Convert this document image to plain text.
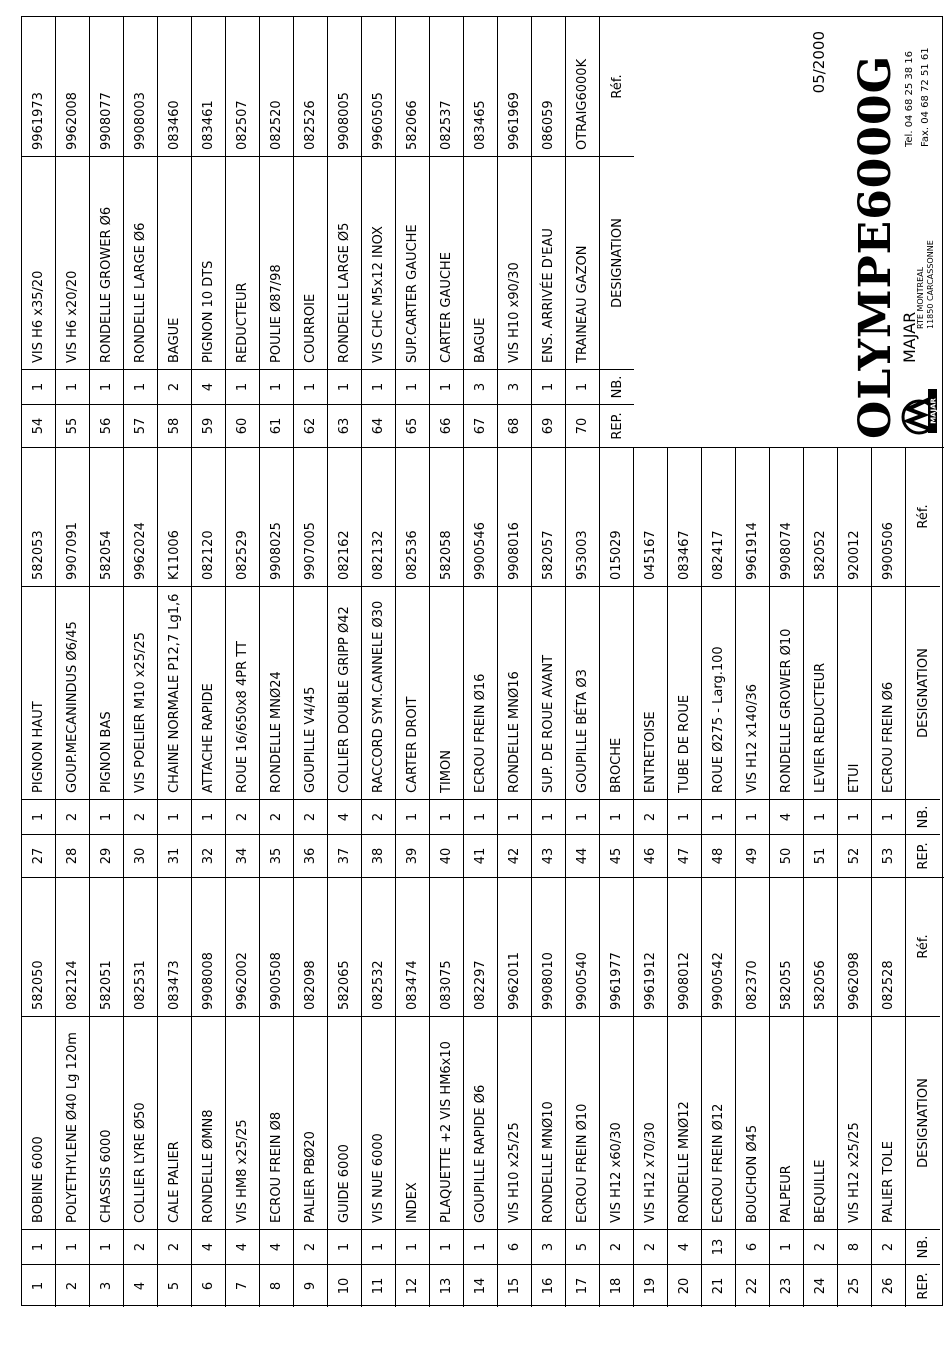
1
1
BOBINE 6000
582050
2
1
POLYETHYLENE Ø40 Lg 120m
082124
3
1
CHASSIS 6000
582051
4
2
COLLIER LYRE Ø50
082531
5
2
CALE PALIER
083473
6
4
RONDELLE ØMN8
9908008
7
4
VIS HM8 x25/25
9962002
8
4
ECROU FREIN Ø8
9900508
9
2
PALIER PBØ20
082098
10
1
GUIDE 6000
582065
11
1
VIS NUE 6000
082532
12
1
INDEX
083474
13
1
PLAQUETTE +2 VIS HM6x10
083075
14
1
GOUPILLE RAPIDE Ø6
082297
15
6
VIS H10 x25/25
9962011
16
3
RONDELLE MNØ10
9908010
17
5
ECROU FREIN Ø10
9900540
18
2
VIS H12 x60/30
9961977
19
2
VIS H12 x70/30
9961912
20
4
RONDELLE MNØ12
9908012
21
13
ECROU FREIN Ø12
9900542
22
6
BOUCHON Ø45
082370
23
1
PALPEUR
582055
24
2
BEQUILLE
582056
25
8
VIS H12 x25/25
9962098
26
2
PALIER TOLE
082528
REP.
NB.
DESIGNATION
Réf.
27
1
PIGNON HAUT
582053
28
2
GOUP.MECANINDUS Ø6/45
9907091
29
1
PIGNON BAS
582054
30
2
VIS POELIER M10 x25/25
9962024
31
1
CHAINE NORMALE P12,7 Lg1,6
K11006
32
1
ATTACHE RAPIDE
082120
34
2
ROUE 16/650x8 4PR TT
082529
35
2
RONDELLE MNØ24
9908025
36
2
GOUPILLE V4/45
9907005
37
4
COLLIER DOUBLE GRIPP Ø42
082162
38
2
RACCORD SYM.CANNELE Ø30
082132
39
1
CARTER DROIT
082536
40
1
TIMON
582058
41
1
ECROU FREIN Ø16
9900546
42
1
RONDELLE MNØ16
9908016
43
1
SUP. DE ROUE AVANT
582057
44
1
GOUPILLE BÉTA Ø3
953003
45
1
BROCHE
015029
46
2
ENTRETOISE
045167
47
1
TUBE DE ROUE
083467
48
1
ROUE Ø275 - Larg.100
082417
49
1
VIS H12 x140/36
9961914
50
4
RONDELLE GROWER Ø10
9908074
51
1
LEVIER REDUCTEUR
582052
52
1
ETUI
920012
53
1
ECROU FREIN Ø6
9900506
REP.
NB.
DESIGNATION
Réf.
54
1
VIS H6 x35/20
9961973
55
1
VIS H6 x20/20
9962008
56
1
RONDELLE GROWER Ø6
9908077
57
1
RONDELLE LARGE Ø6
9908003
58
2
BAGUE
083460
59
4
PIGNON 10 DTS
083461
60
1
REDUCTEUR
082507
61
1
POULIE Ø87/98
082520
62
1
COURROIE
082526
63
1
RONDELLE LARGE Ø5
9908005
64
1
VIS CHC M5x12 INOX
9960505
65
1
SUP.CARTER GAUCHE
582066
66
1
CARTER GAUCHE
082537
67
3
BAGUE
083465
68
3
VIS H10 x90/30
9961969
69
1
ENS. ARRIVÉE D'EAU
086059
70
1
TRAINEAU GAZON
OTRAIG6000K
REP.
NB.
DESIGNATION
Réf.	05/2000 OLYMPE6000G	MAJAR
MAJAR
RTE MONTREAL 11850 CARCASSONNE
Tel. 04 68 25 38 16 Fax. 04 68 72 51 61
